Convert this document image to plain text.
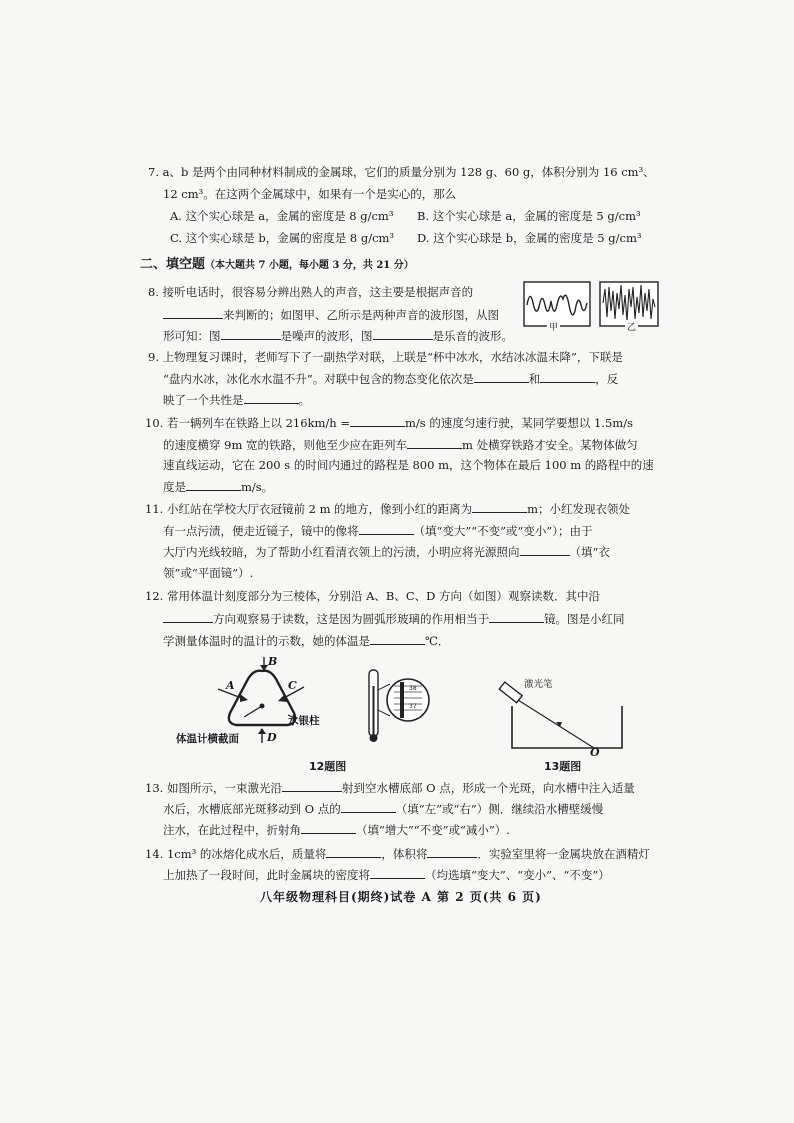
7. a、b 是两个由同种材料制成的金属球，它们的质量分别为 128 g、60 g，体积分别为 16 cm³、
12 cm³。在这两个金属球中，如果有一个是实心的，那么
A. 这个实心球是 a，金属的密度是 8 g/cm³ B. 这个实心球是 a，金属的密度是 5 g/cm³
C. 这个实心球是 b，金属的密度是 8 g/cm³ D. 这个实心球是 b，金属的密度是 5 g/cm³
二、填空题（本大题共 7 小题，每小题 3 分，共 21 分）
8. 接听电话时，很容易分辨出熟人的声音，这主要是根据声音的
来判断的；如图甲、乙所示是两种声音的波形图，从图
形可知：图	是噪声的波形，图	是乐音的波形。
甲	乙
9. 上物理复习课时，老师写下了一副热学对联，上联是“杯中冰水，水结冰冰温未降”，下联是
“盘内水冰，冰化水水温不升”。对联中包含的物态变化依次是	和	，反
映了一个共性是	。
10. 若一辆列车在铁路上以 216km/h =	m/s 的速度匀速行驶，某同学要想以 1.5m/s
的速度横穿 9m 宽的铁路，则他至少应在距列车	m 处横穿铁路才安全。某物体做匀
速直线运动，它在 200 s 的时间内通过的路程是 800 m，这个物体在最后 100 m 的路程中的速
度是	m/s。
11. 小红站在学校大厅衣冠镜前 2 m 的地方，像到小红的距离为	m；小红发现衣领处
有一点污渍，便走近镜子，镜中的像将	（填“变大”“不变”或“变小”）；由于
大厅内光线较暗，为了帮助小红看清衣领上的污渍，小明应将光源照向	（填“衣
领”或“平面镜”）.
12. 常用体温计刻度部分为三棱体，分别沿 A、B、C、D 方向（如图）观察读数．其中沿
方向观察易于读数，这是因为圆弧形玻璃的作用相当于	镜。图是小红同
学测量体温时的温计的示数，她的体温是	℃．
B
A	C
D
水银柱
体温计横截面
38
37
激光笔
O
12题图	13题图
13. 如图所示，一束激光沿	射到空水槽底部 O 点，形成一个光斑，向水槽中注入适量
水后，水槽底部光斑移动到 O 点的	（填“左”或“右”）侧．继续沿水槽壁缓慢
注水，在此过程中，折射角	（填“增大”“不变”或“减小”）.
14. 1cm³ 的冰熔化成水后，质量将	，体积将	．实验室里将一金属块放在酒精灯
上加热了一段时间，此时金属块的密度将	（均选填“变大”、“变小”、“不变”）
八年级物理科目(期终)试卷 A 第 2 页(共 6 页)
